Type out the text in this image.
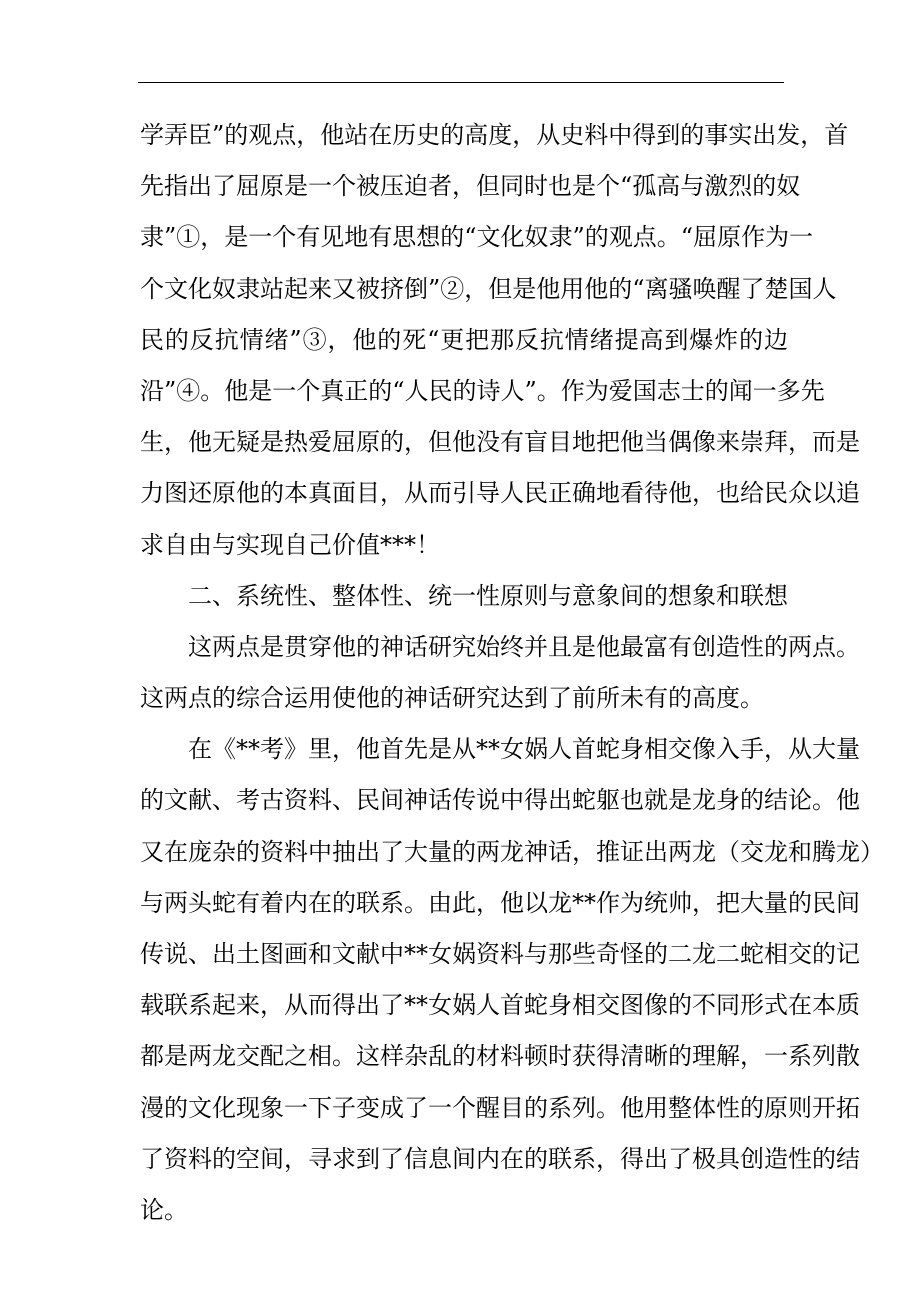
学弄臣”的观点，他站在历史的高度，从史料中得到的事实出发，首
先指出了屈原是一个被压迫者，但同时也是个“孤高与激烈的奴
隶”①，是一个有见地有思想的“文化奴隶”的观点。“屈原作为一
个文化奴隶站起来又被挤倒”②，但是他用他的“离骚唤醒了楚国人
民的反抗情绪”③，他的死“更把那反抗情绪提高到爆炸的边
沿”④。他是一个真正的“人民的诗人”。作为爱国志士的闻一多先
生，他无疑是热爱屈原的，但他没有盲目地把他当偶像来崇拜，而是
力图还原他的本真面目，从而引导人民正确地看待他，也给民众以追
求自由与实现自己价值***！
二、系统性、整体性、统一性原则与意象间的想象和联想
这两点是贯穿他的神话研究始终并且是他最富有创造性的两点。
这两点的综合运用使他的神话研究达到了前所未有的高度。
在《**考》里，他首先是从**女娲人首蛇身相交像入手，从大量
的文献、考古资料、民间神话传说中得出蛇躯也就是龙身的结论。他
又在庞杂的资料中抽出了大量的两龙神话，推证出两龙（交龙和腾龙）
与两头蛇有着内在的联系。由此，他以龙**作为统帅，把大量的民间
传说、出土图画和文献中**女娲资料与那些奇怪的二龙二蛇相交的记
载联系起来，从而得出了**女娲人首蛇身相交图像的不同形式在本质
都是两龙交配之相。这样杂乱的材料顿时获得清晰的理解，一系列散
漫的文化现象一下子变成了一个醒目的系列。他用整体性的原则开拓
了资料的空间，寻求到了信息间内在的联系，得出了极具创造性的结
论。
